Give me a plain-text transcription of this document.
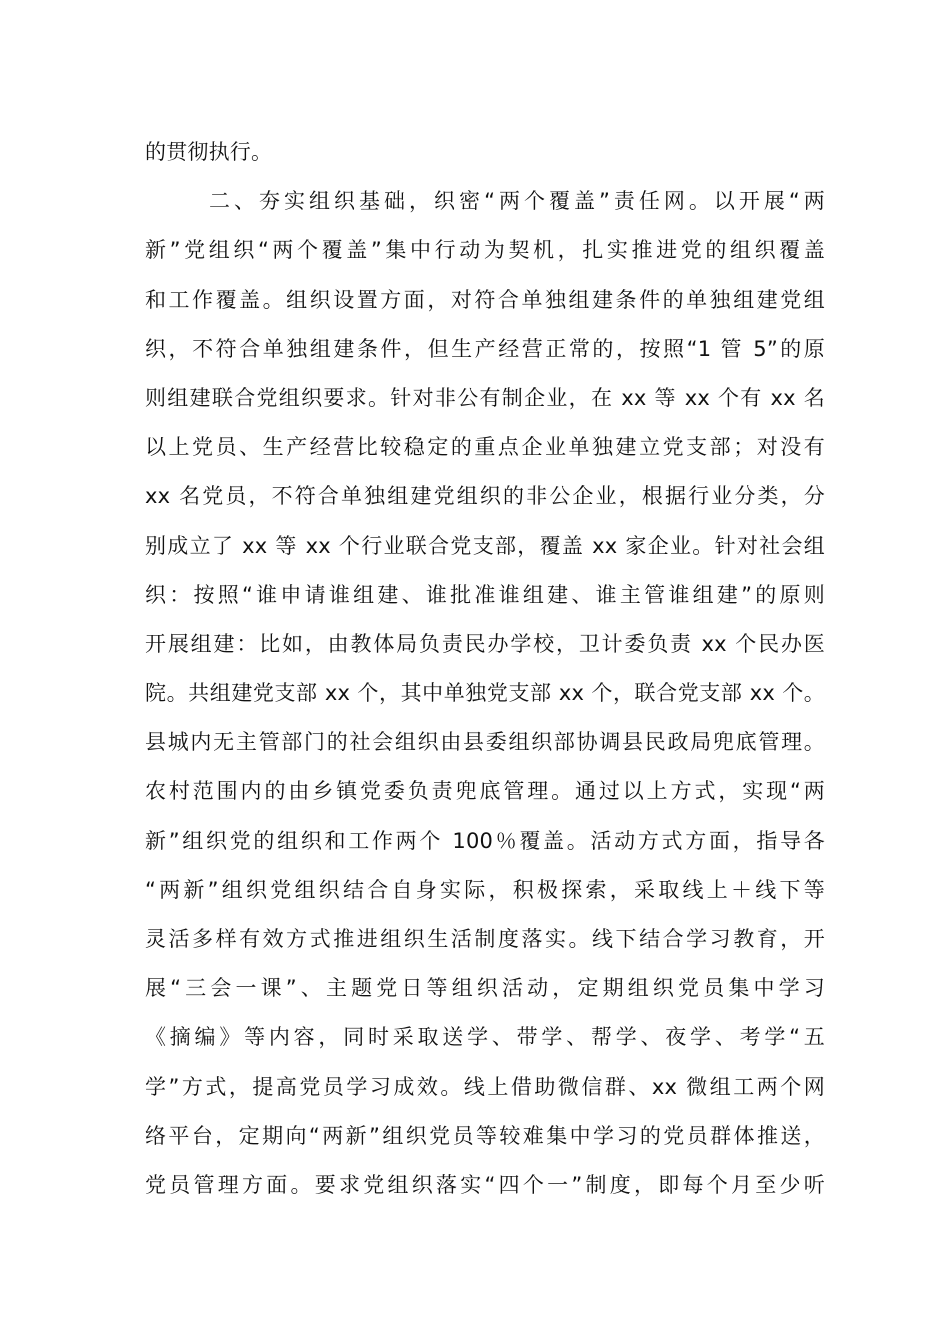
的贯彻执行。
二、夯实组织基础，织密“两个覆盖”责任网。以开展“两
新”党组织“两个覆盖”集中行动为契机，扎实推进党的组织覆盖
和工作覆盖。组织设置方面，对符合单独组建条件的单独组建党组
织，不符合单独组建条件，但生产经营正常的，按照“1 管 5”的原
则组建联合党组织要求。针对非公有制企业，在 xx 等 xx 个有 xx 名
以上党员、生产经营比较稳定的重点企业单独建立党支部；对没有
xx 名党员，不符合单独组建党组织的非公企业，根据行业分类，分
别成立了 xx 等 xx 个行业联合党支部，覆盖 xx 家企业。针对社会组
织：按照“谁申请谁组建、谁批准谁组建、谁主管谁组建”的原则
开展组建：比如，由教体局负责民办学校，卫计委负责 xx 个民办医
院。共组建党支部 xx 个，其中单独党支部 xx 个，联合党支部 xx 个。
县城内无主管部门的社会组织由县委组织部协调县民政局兜底管理。
农村范围内的由乡镇党委负责兜底管理。通过以上方式，实现“两
新”组织党的组织和工作两个 100％覆盖。活动方式方面，指导各
“两新”组织党组织结合自身实际，积极探索，采取线上＋线下等
灵活多样有效方式推进组织生活制度落实。线下结合学习教育，开
展“三会一课”、主题党日等组织活动，定期组织党员集中学习
《摘编》等内容，同时采取送学、带学、帮学、夜学、考学“五
学”方式，提高党员学习成效。线上借助微信群、xx 微组工两个网
络平台，定期向“两新”组织党员等较难集中学习的党员群体推送，
党员管理方面。要求党组织落实“四个一”制度，即每个月至少听
